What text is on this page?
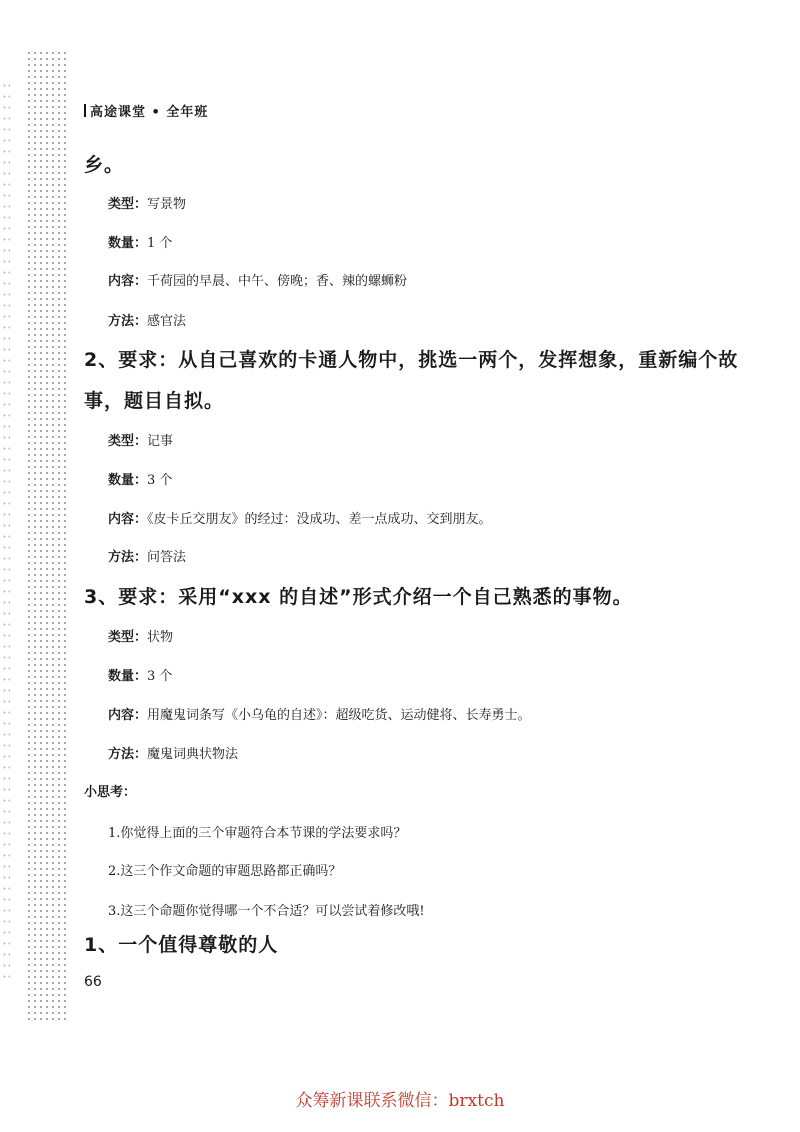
高途课堂 • 全年班
乡。
类型：写景物
数量：1 个
内容：千荷园的早晨、中午、傍晚；香、辣的螺蛳粉
方法：感官法
2、要求：从自己喜欢的卡通人物中，挑选一两个，发挥想象，重新编个故
事，题目自拟。
类型：记事
数量：3 个
内容：《皮卡丘交朋友》的经过：没成功、差一点成功、交到朋友。
方法：问答法
3、要求：采用“xxx 的自述”形式介绍一个自己熟悉的事物。
类型：状物
数量：3 个
内容：用魔鬼词条写《小乌龟的自述》：超级吃货、运动健将、长寿勇士。
方法：魔鬼词典状物法
小思考：
1.你觉得上面的三个审题符合本节课的学法要求吗？
2.这三个作文命题的审题思路都正确吗？
3.这三个命题你觉得哪一个不合适？可以尝试着修改哦!
1、一个值得尊敬的人
66
众筹新课联系微信：brxtch
